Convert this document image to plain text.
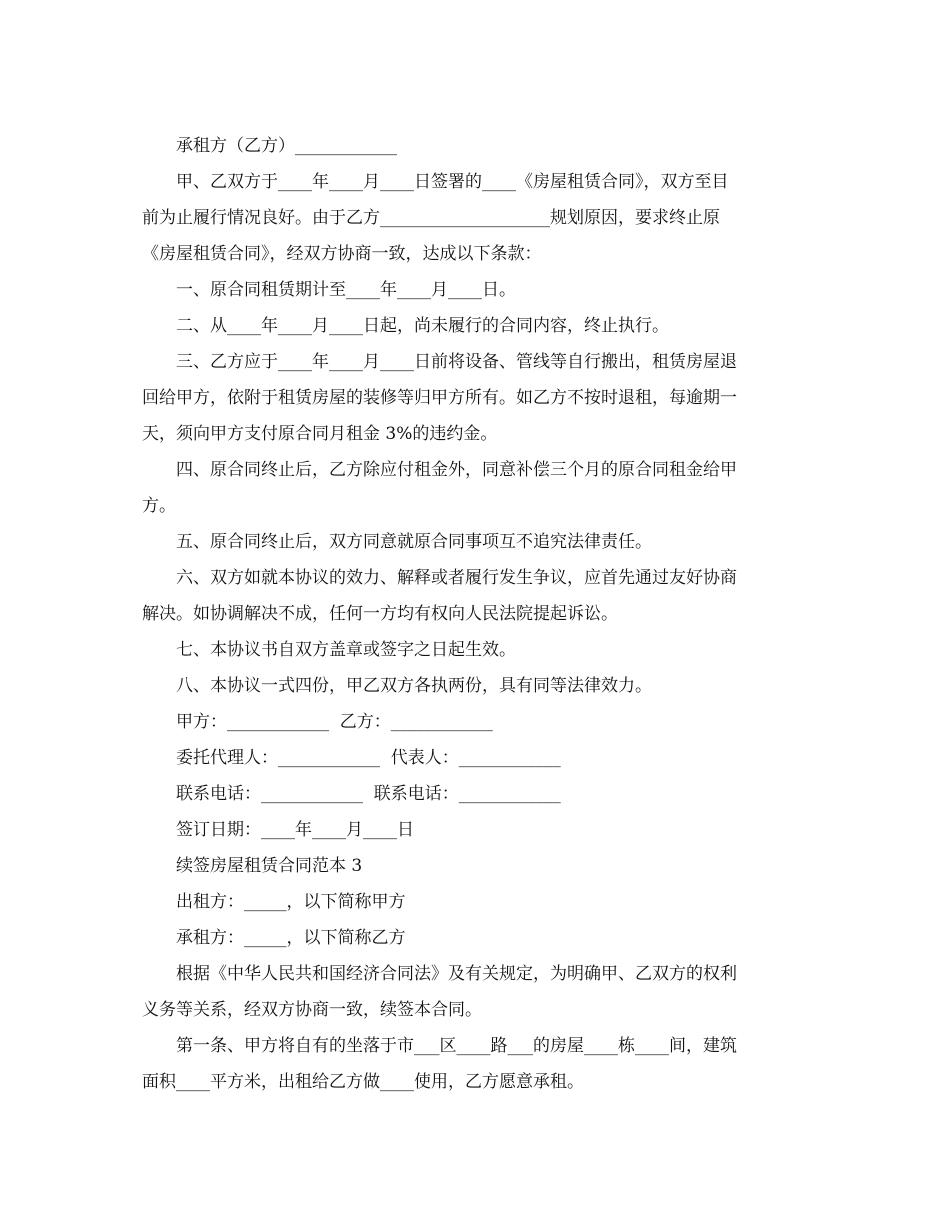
承租方（乙方）____________

甲、乙双方于____年____月____日签署的____《房屋租赁合同》，双方至目
前为止履行情况良好。由于乙方____________________规划原因，要求终止原
《房屋租赁合同》，经双方协商一致，达成以下条款：

一、原合同租赁期计至____年____月____日。

二、从____年____月____日起，尚未履行的合同内容，终止执行。

三、乙方应于____年____月____日前将设备、管线等自行搬出，租赁房屋退
回给甲方，依附于租赁房屋的装修等归甲方所有。如乙方不按时退租，每逾期一
天，须向甲方支付原合同月租金 3%的违约金。

四、原合同终止后，乙方除应付租金外，同意补偿三个月的原合同租金给甲
方。

五、原合同终止后，双方同意就原合同事项互不追究法律责任。

六、双方如就本协议的效力、解释或者履行发生争议，应首先通过友好协商
解决。如协调解决不成，任何一方均有权向人民法院提起诉讼。

七、本协议书自双方盖章或签字之日起生效。

八、本协议一式四份，甲乙双方各执两份，具有同等法律效力。

甲方：____________  乙方：____________

委托代理人：____________  代表人：____________

联系电话：____________  联系电话：____________

签订日期：____年____月____日

续签房屋租赁合同范本 3

出租方：_____，以下简称甲方

承租方：_____，以下简称乙方

根据《中华人民共和国经济合同法》及有关规定，为明确甲、乙双方的权利
义务等关系，经双方协商一致，续签本合同。

第一条、甲方将自有的坐落于市___区____路___的房屋____栋____间，建筑
面积____平方米，出租给乙方做____使用，乙方愿意承租。
